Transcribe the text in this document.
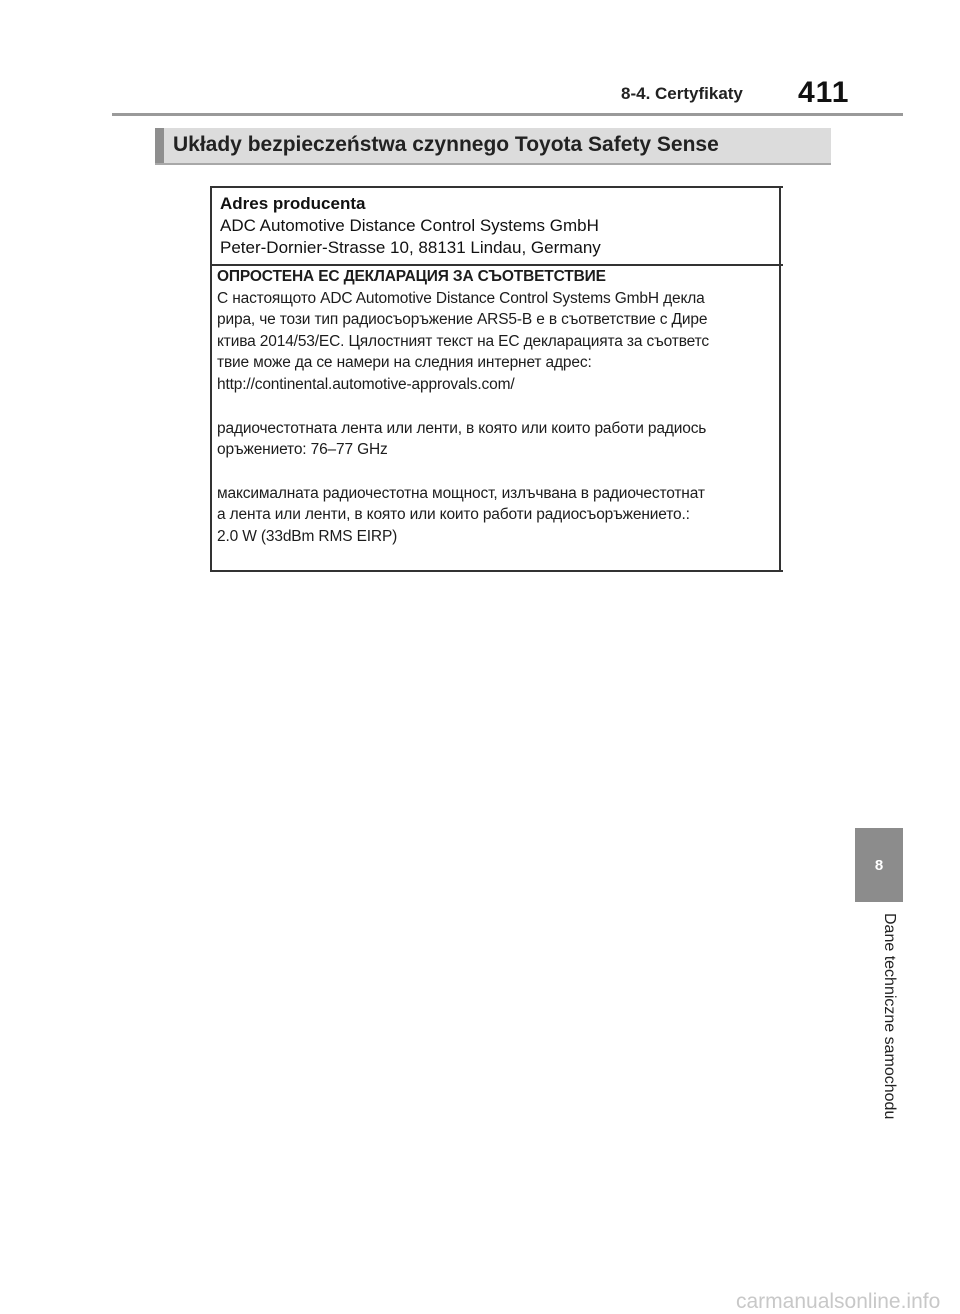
8-4. Certyfikaty 411
Układy bezpieczeństwa czynnego Toyota Safety Sense
Adres producenta
ADC Automotive Distance Control Systems GmbH
Peter-Dornier-Strasse 10, 88131 Lindau, Germany
ОПРОСТЕНА ЕС ДЕКЛАРАЦИЯ ЗА СЪОТВЕТСТВИЕ
С настоящото ADC Automotive Distance Control Systems GmbH декла
рира, че този тип радиосъоръжение ARS5-B е в съответствие с Дире
ктива 2014/53/ЕС. Цялостният текст на ЕС декларацията за съответс
твие може да се намери на следния интернет адрес:
http://continental.automotive-approvals.com/
радиочестотната лента или ленти, в която или които работи радиось
оръжението: 76–77 GHz
максималната радиочестотна мощност, излъчвана в радиочестотнат
а лента или ленти, в която или които работи радиосъоръжението.:
2.0 W (33dBm RMS EIRP)
8
Dane techniczne samochodu
carmanualsonline.info
